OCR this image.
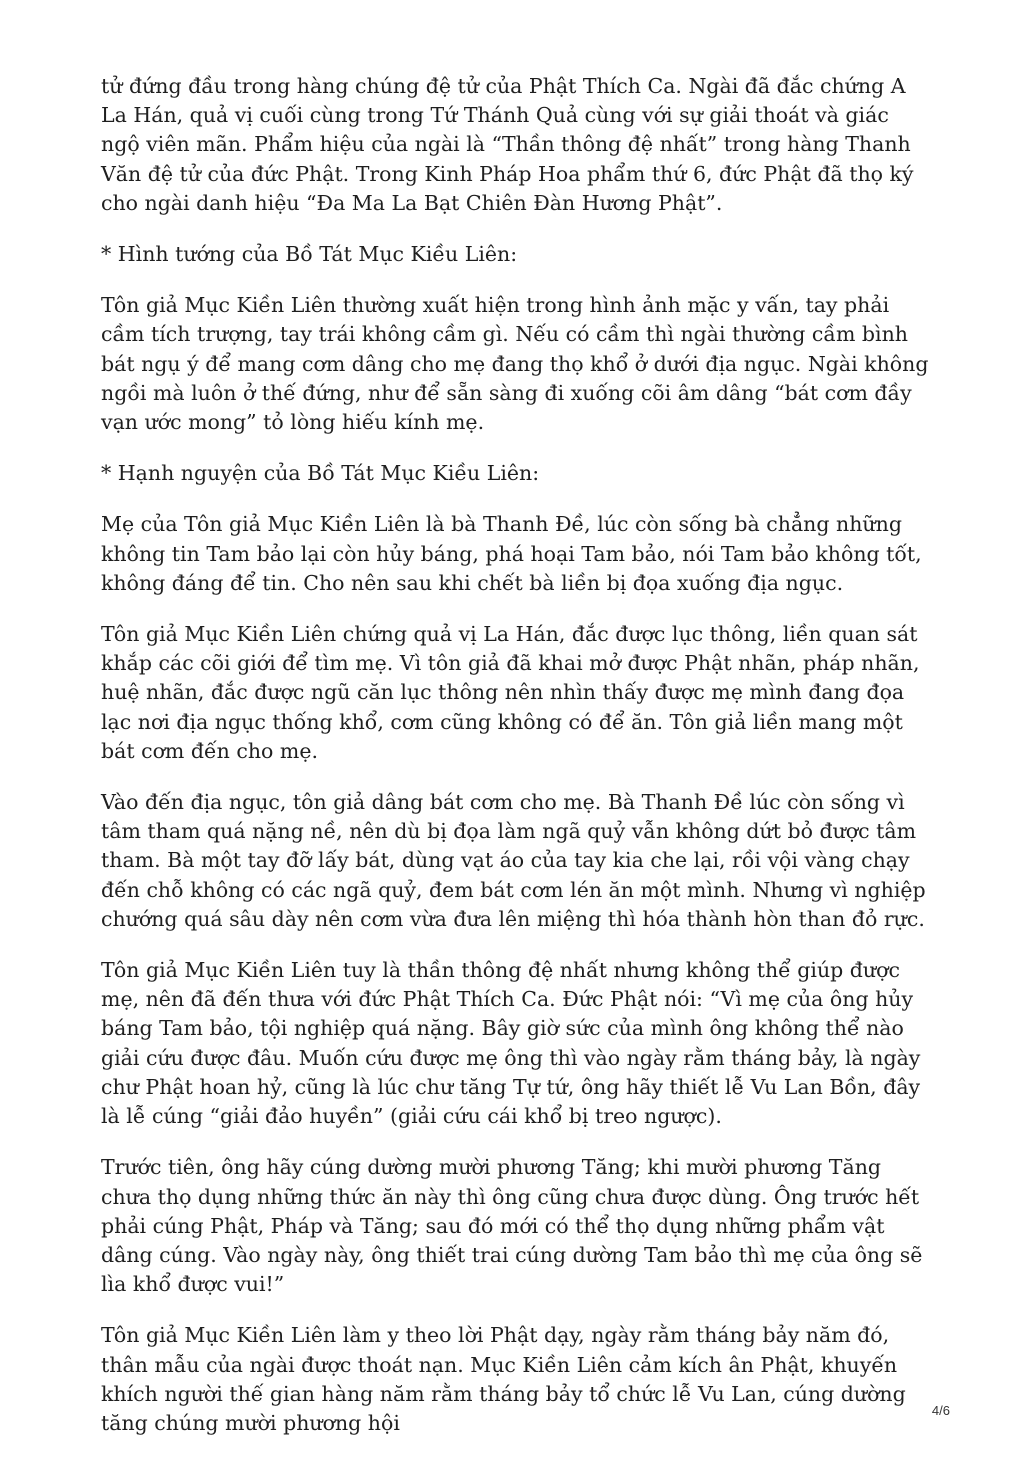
tử đứng đầu trong hàng chúng đệ tử của Phật Thích Ca. Ngài đã đắc chứng A La Hán, quả vị cuối cùng trong Tứ Thánh Quả cùng với sự giải thoát và giác ngộ viên mãn. Phẩm hiệu của ngài là “Thần thông đệ nhất” trong hàng Thanh Văn đệ tử của đức Phật. Trong Kinh Pháp Hoa phẩm thứ 6, đức Phật đã thọ ký cho ngài danh hiệu “Đa Ma La Bạt Chiên Đàn Hương Phật”.

* Hình tướng của Bồ Tát Mục Kiều Liên:

Tôn giả Mục Kiền Liên thường xuất hiện trong hình ảnh mặc y vấn, tay phải cầm tích trượng, tay trái không cầm gì. Nếu có cầm thì ngài thường cầm bình bát ngụ ý để mang cơm dâng cho mẹ đang thọ khổ ở dưới địa ngục. Ngài không ngồi mà luôn ở thế đứng, như để sẵn sàng đi xuống cõi âm dâng “bát cơm đầy vạn ước mong” tỏ lòng hiếu kính mẹ.

* Hạnh nguyện của Bồ Tát Mục Kiều Liên:

Mẹ của Tôn giả Mục Kiền Liên là bà Thanh Đề, lúc còn sống bà chẳng những không tin Tam bảo lại còn hủy báng, phá hoại Tam bảo, nói Tam bảo không tốt, không đáng để tin. Cho nên sau khi chết bà liền bị đọa xuống địa ngục.

Tôn giả Mục Kiền Liên chứng quả vị La Hán, đắc được lục thông, liền quan sát khắp các cõi giới để tìm mẹ. Vì tôn giả đã khai mở được Phật nhãn, pháp nhãn, huệ nhãn, đắc được ngũ căn lục thông nên nhìn thấy được mẹ mình đang đọa lạc nơi địa ngục thống khổ, cơm cũng không có để ăn. Tôn giả liền mang một bát cơm đến cho mẹ.

Vào đến địa ngục, tôn giả dâng bát cơm cho mẹ. Bà Thanh Đề lúc còn sống vì tâm tham quá nặng nề, nên dù bị đọa làm ngã quỷ vẫn không dứt bỏ được tâm tham. Bà một tay đỡ lấy bát, dùng vạt áo của tay kia che lại, rồi vội vàng chạy đến chỗ không có các ngã quỷ, đem bát cơm lén ăn một mình. Nhưng vì nghiệp chướng quá sâu dày nên cơm vừa đưa lên miệng thì hóa thành hòn than đỏ rực.

Tôn giả Mục Kiền Liên tuy là thần thông đệ nhất nhưng không thể giúp được mẹ, nên đã đến thưa với đức Phật Thích Ca. Đức Phật nói: “Vì mẹ của ông hủy báng Tam bảo, tội nghiệp quá nặng. Bây giờ sức của mình ông không thể nào giải cứu được đâu. Muốn cứu được mẹ ông thì vào ngày rằm tháng bảy, là ngày chư Phật hoan hỷ, cũng là lúc chư tăng Tự tứ, ông hãy thiết lễ Vu Lan Bồn, đây là lễ cúng “giải đảo huyền” (giải cứu cái khổ bị treo ngược).

Trước tiên, ông hãy cúng dường mười phương Tăng; khi mười phương Tăng chưa thọ dụng những thức ăn này thì ông cũng chưa được dùng. Ông trước hết phải cúng Phật, Pháp và Tăng; sau đó mới có thể thọ dụng những phẩm vật dâng cúng. Vào ngày này, ông thiết trai cúng dường Tam bảo thì mẹ của ông sẽ lìa khổ được vui!”

Tôn giả Mục Kiền Liên làm y theo lời Phật dạy, ngày rằm tháng bảy năm đó, thân mẫu của ngài được thoát nạn. Mục Kiền Liên cảm kích ân Phật, khuyến khích người thế gian hàng năm rằm tháng bảy tổ chức lễ Vu Lan, cúng dường tăng chúng mười phương hội

4/6
